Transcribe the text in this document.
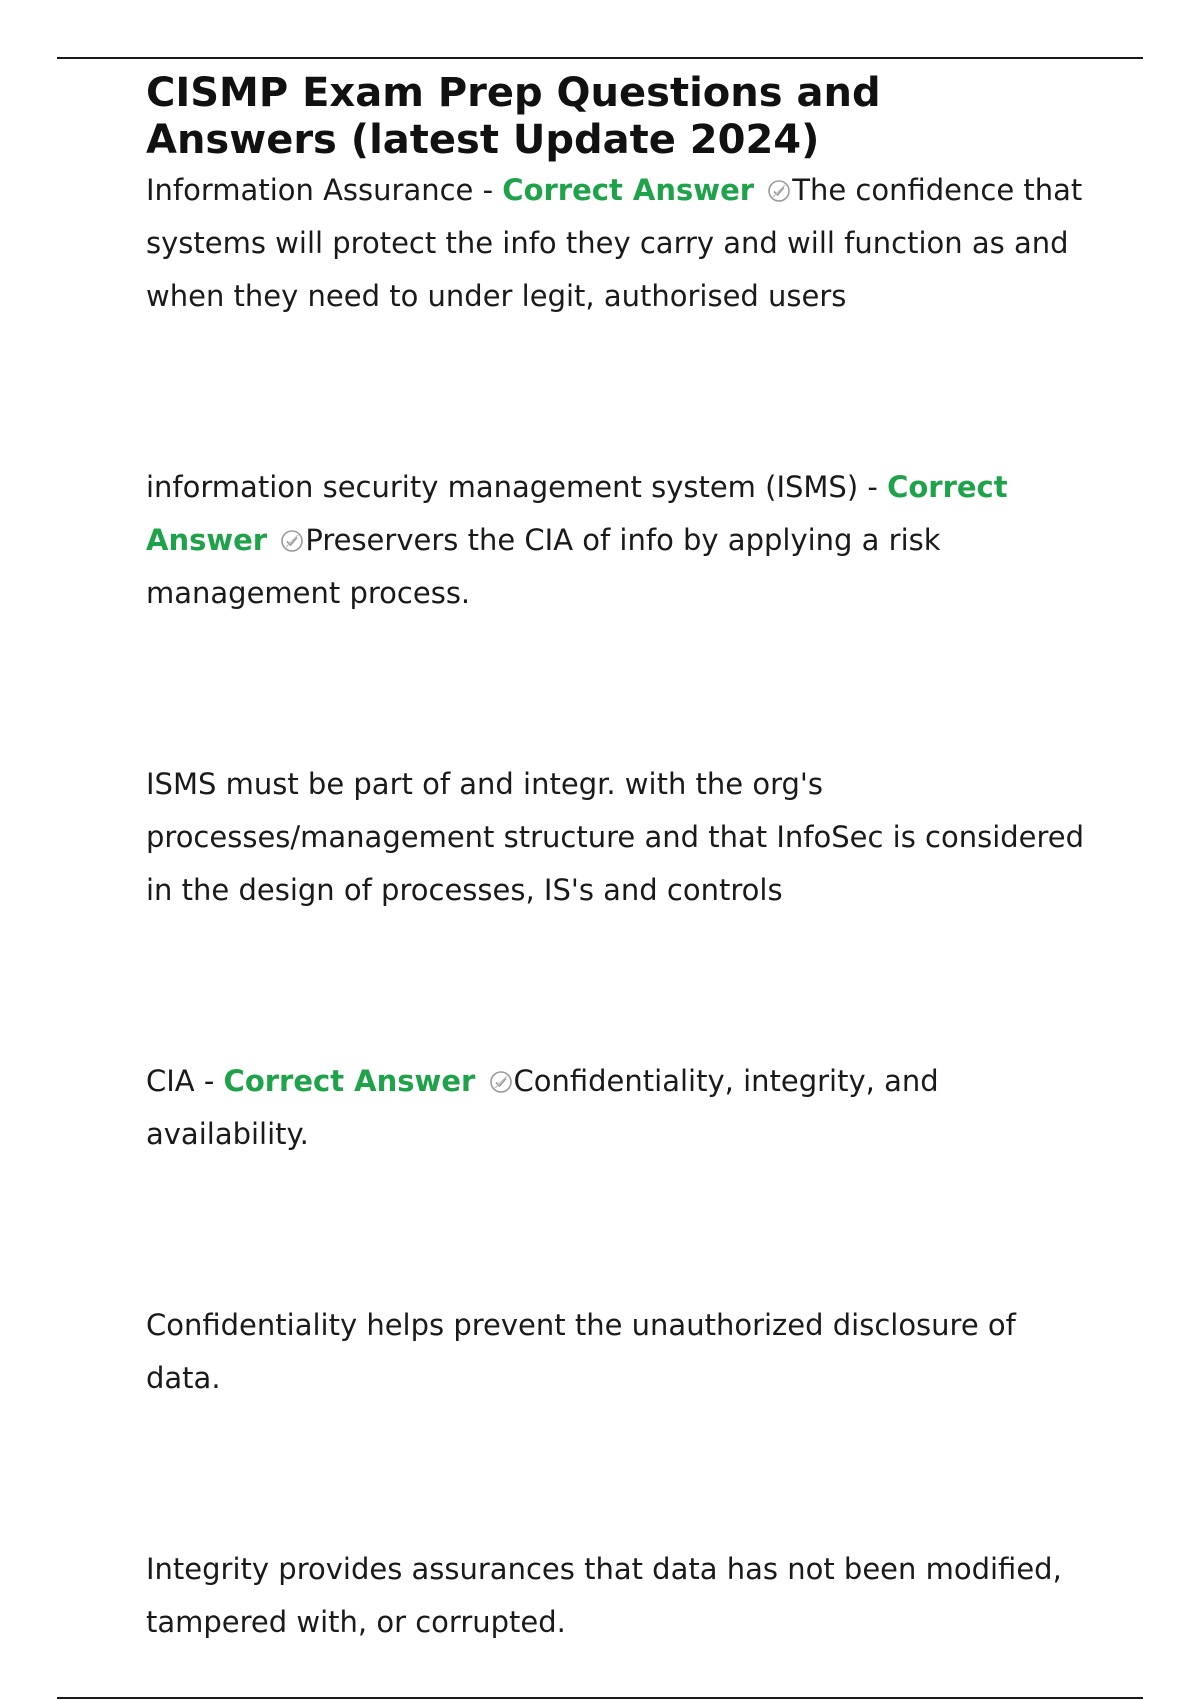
CISMP Exam Prep Questions and Answers (latest Update 2024)

Information Assurance - Correct Answer The confidence that systems will protect the info they carry and will function as and when they need to under legit, authorised users

information security management system (ISMS) - Correct Answer Preservers the CIA of info by applying a risk management process.

ISMS must be part of and integr. with the org's processes/management structure and that InfoSec is considered in the design of processes, IS's and controls

CIA - Correct Answer Confidentiality, integrity, and availability.

Confidentiality helps prevent the unauthorized disclosure of data.

Integrity provides assurances that data has not been modified, tampered with, or corrupted.
